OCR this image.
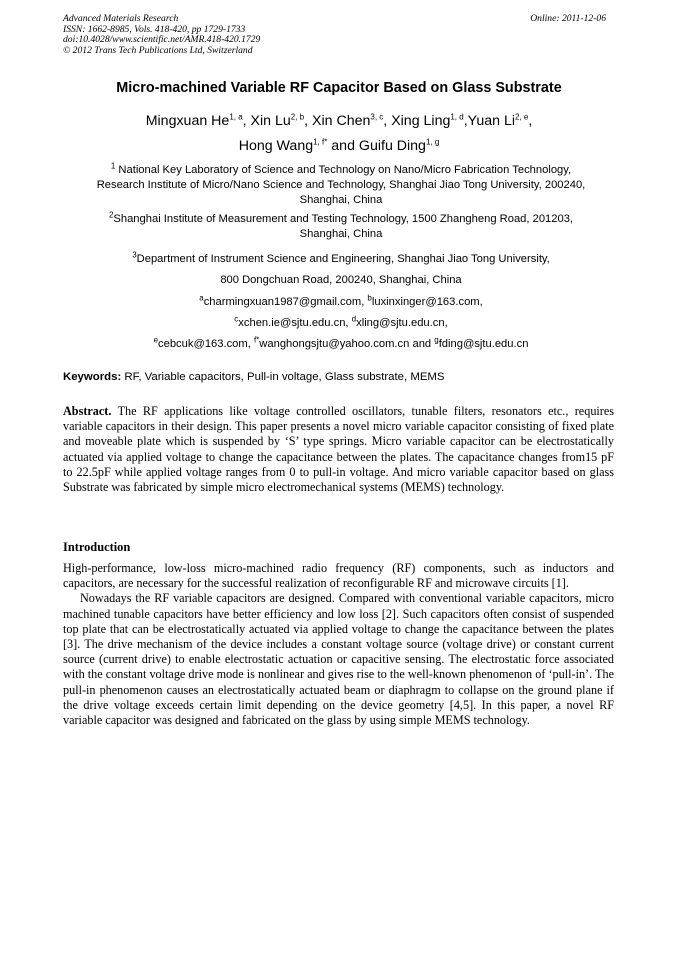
Advanced Materials Research
ISSN: 1662-8985, Vols. 418-420, pp 1729-1733
doi:10.4028/www.scientific.net/AMR.418-420.1729
© 2012 Trans Tech Publications Ltd, Switzerland
Online: 2011-12-06
Micro-machined Variable RF Capacitor Based on Glass Substrate
Mingxuan He$^{1, a}$, Xin Lu$^{2, b}$, Xin Chen$^{3, c}$, Xing Ling$^{1, d}$,Yuan Li$^{2, e}$,
Hong Wang$^{1, f*}$ and Guifu Ding$^{1, g}$
$^1$ National Key Laboratory of Science and Technology on Nano/Micro Fabrication Technology,
Research Institute of Micro/Nano Science and Technology, Shanghai Jiao Tong University, 200240,
Shanghai, China
$^2$Shanghai Institute of Measurement and Testing Technology, 1500 Zhangheng Road, 201203,
Shanghai, China
$^3$Department of Instrument Science and Engineering, Shanghai Jiao Tong University,
800 Dongchuan Road, 200240, Shanghai, China
$^a$charmingxuan1987@gmail.com, $^b$luxinxinger@163.com,
$^c$xchen.ie@sjtu.edu.cn, $^d$xling@sjtu.edu.cn,
$^e$cebcuk@163.com, $^{f*}$wanghongsjtu@yahoo.com.cn and $^g$fding@sjtu.edu.cn
Keywords: RF, Variable capacitors, Pull-in voltage, Glass substrate, MEMS

Abstract. The RF applications like voltage controlled oscillators, tunable filters, resonators etc., requires variable capacitors in their design. This paper presents a novel micro variable capacitor consisting of fixed plate and moveable plate which is suspended by ‘S’ type springs. Micro variable capacitor can be electrostatically actuated via applied voltage to change the capacitance between the plates. The capacitance changes from15 pF to 22.5pF while applied voltage ranges from 0 to pull-in voltage. And micro variable capacitor based on glass Substrate was fabricated by simple micro electromechanical systems (MEMS) technology.

Introduction

High-performance, low-loss micro-machined radio frequency (RF) components, such as inductors and capacitors, are necessary for the successful realization of reconfigurable RF and microwave circuits [1].

Nowadays the RF variable capacitors are designed. Compared with conventional variable capacitors, micro machined tunable capacitors have better efficiency and low loss [2]. Such capacitors often consist of suspended top plate that can be electrostatically actuated via applied voltage to change the capacitance between the plates [3]. The drive mechanism of the device includes a constant voltage source (voltage drive) or constant current source (current drive) to enable electrostatic actuation or capacitive sensing. The electrostatic force associated with the constant voltage drive mode is nonlinear and gives rise to the well-known phenomenon of ‘pull-in’. The pull-in phenomenon causes an electrostatically actuated beam or diaphragm to collapse on the ground plane if the drive voltage exceeds certain limit depending on the device geometry [4,5]. In this paper, a novel RF variable capacitor was designed and fabricated on the glass by using simple MEMS technology.
